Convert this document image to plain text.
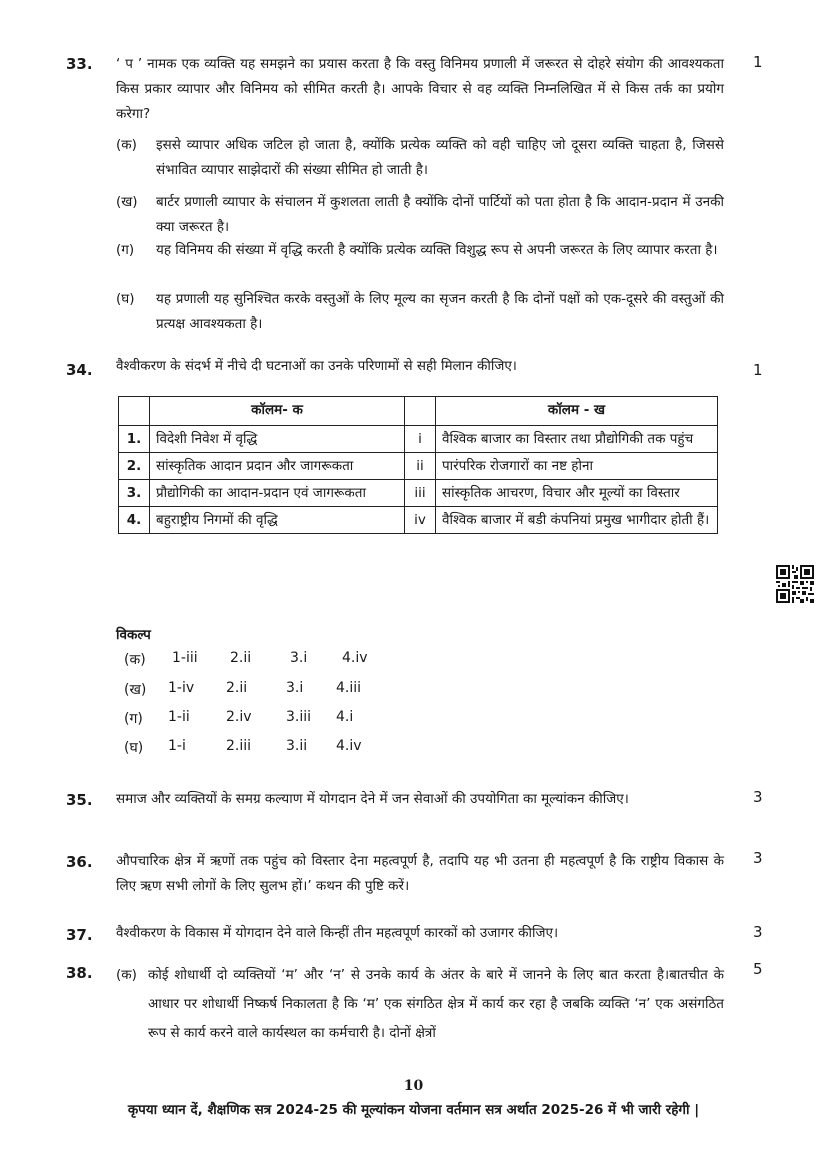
33.	1
‘ प ’ नामक एक व्यक्ति यह समझने का प्रयास करता है कि वस्तु विनिमय प्रणाली में जरूरत से दोहरे संयोग की आवश्यकता किस प्रकार व्यापार और विनिमय को सीमित करती है। आपके विचार से वह व्यक्ति निम्नलिखित में से किस तर्क का प्रयोग करेगा?
(क) इससे व्यापार अधिक जटिल हो जाता है, क्योंकि प्रत्येक व्यक्ति को वही चाहिए जो दूसरा व्यक्ति चाहता है, जिससे संभावित व्यापार साझेदारों की संख्या सीमित हो जाती है।
(ख) बार्टर प्रणाली व्यापार के संचालन में कुशलता लाती है क्योंकि दोनों पार्टियों को पता होता है कि आदान-प्रदान में उनकी क्या जरूरत है।
(ग) यह विनिमय की संख्या में वृद्धि करती है क्योंकि प्रत्येक व्यक्ति विशुद्ध रूप से अपनी जरूरत के लिए व्यापार करता है।
(घ) यह प्रणाली यह सुनिश्चित करके वस्तुओं के लिए मूल्य का सृजन करती है कि दोनों पक्षों को एक-दूसरे की वस्तुओं की प्रत्यक्ष आवश्यकता है।
34.	1
वैश्वीकरण के संदर्भ में नीचे दी घटनाओं का उनके परिणामों से सही मिलान कीजिए।
	कॉलम- क		कॉलम - ख
1.	विदेशी निवेश में वृद्धि	i	वैश्विक बाजार का विस्तार तथा प्रौद्योगिकी तक पहुंच
2.	सांस्कृतिक आदान प्रदान और जागरूकता	ii	पारंपरिक रोजगारों का नष्ट होना
3.	प्रौद्योगिकी का आदान-प्रदान एवं जागरूकता	iii	सांस्कृतिक आचरण, विचार और मूल्यों का विस्तार
4.	बहुराष्ट्रीय निगमों की वृद्धि	iv	वैश्विक बाजार में बडी कंपनियां प्रमुख भागीदार होती हैं।
विकल्प
(क) 1-iii 2.ii	3.i 4.iv
(ख) 1-iv 2.ii	3.i 4.iii
(ग) 1-ii	2.iv 3.iii 4.i
(घ) 1-i	2.iii 3.ii 4.iv
35.	3
समाज और व्यक्तियों के समग्र कल्याण में योगदान देने में जन सेवाओं की उपयोगिता का मूल्यांकन कीजिए।
36.	3
औपचारिक क्षेत्र में ऋणों तक पहुंच को विस्तार देना महत्वपूर्ण है, तदापि यह भी उतना ही महत्वपूर्ण है कि राष्ट्रीय विकास के लिए ऋण सभी लोगों के लिए सुलभ हों।’ कथन की पुष्टि करें।
37.	3
वैश्वीकरण के विकास में योगदान देने वाले किन्हीं तीन महत्वपूर्ण कारकों को उजागर कीजिए।
38.	5
(क) कोई शोधार्थी दो व्यक्तियों ‘म’ और ‘न’ से उनके कार्य के अंतर के बारे में जानने के लिए बात करता है।बातचीत के आधार पर शोधार्थी निष्कर्ष निकालता है कि ‘म’ एक संगठित क्षेत्र में कार्य कर रहा है जबकि व्यक्ति ‘न’ एक असंगठित रूप से कार्य करने वाले कार्यस्थल का कर्मचारी है। दोनों क्षेत्रों
10
कृपया ध्यान दें, शैक्षणिक सत्र 2024-25 की मूल्यांकन योजना वर्तमान सत्र अर्थात 2025-26 में भी जारी रहेगी |
